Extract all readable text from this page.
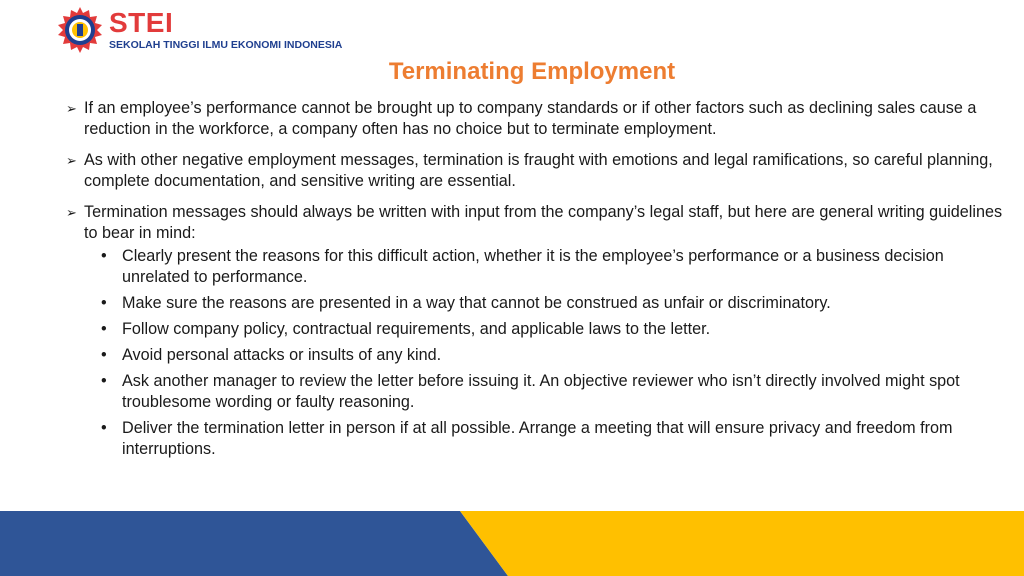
STEI
SEKOLAH TINGGI ILMU EKONOMI INDONESIA
Terminating Employment
➢ If an employee’s performance cannot be brought up to company standards or if other factors such as declining sales cause a reduction in the workforce, a company often has no choice but to terminate employment.
➢ As with other negative employment messages, termination is fraught with emotions and legal ramifications, so careful planning, complete documentation, and sensitive writing are essential.
➢ Termination messages should always be written with input from the company’s legal staff, but here are general writing guidelines to bear in mind:
• Clearly present the reasons for this difficult action, whether it is the employee’s performance or a business decision unrelated to performance.
• Make sure the reasons are presented in a way that cannot be construed as unfair or discriminatory.
• Follow company policy, contractual requirements, and applicable laws to the letter.
• Avoid personal attacks or insults of any kind.
• Ask another manager to review the letter before issuing it. An objective reviewer who isn’t directly involved might spot troublesome wording or faulty reasoning.
• Deliver the termination letter in person if at all possible. Arrange a meeting that will ensure privacy and freedom from interruptions.
